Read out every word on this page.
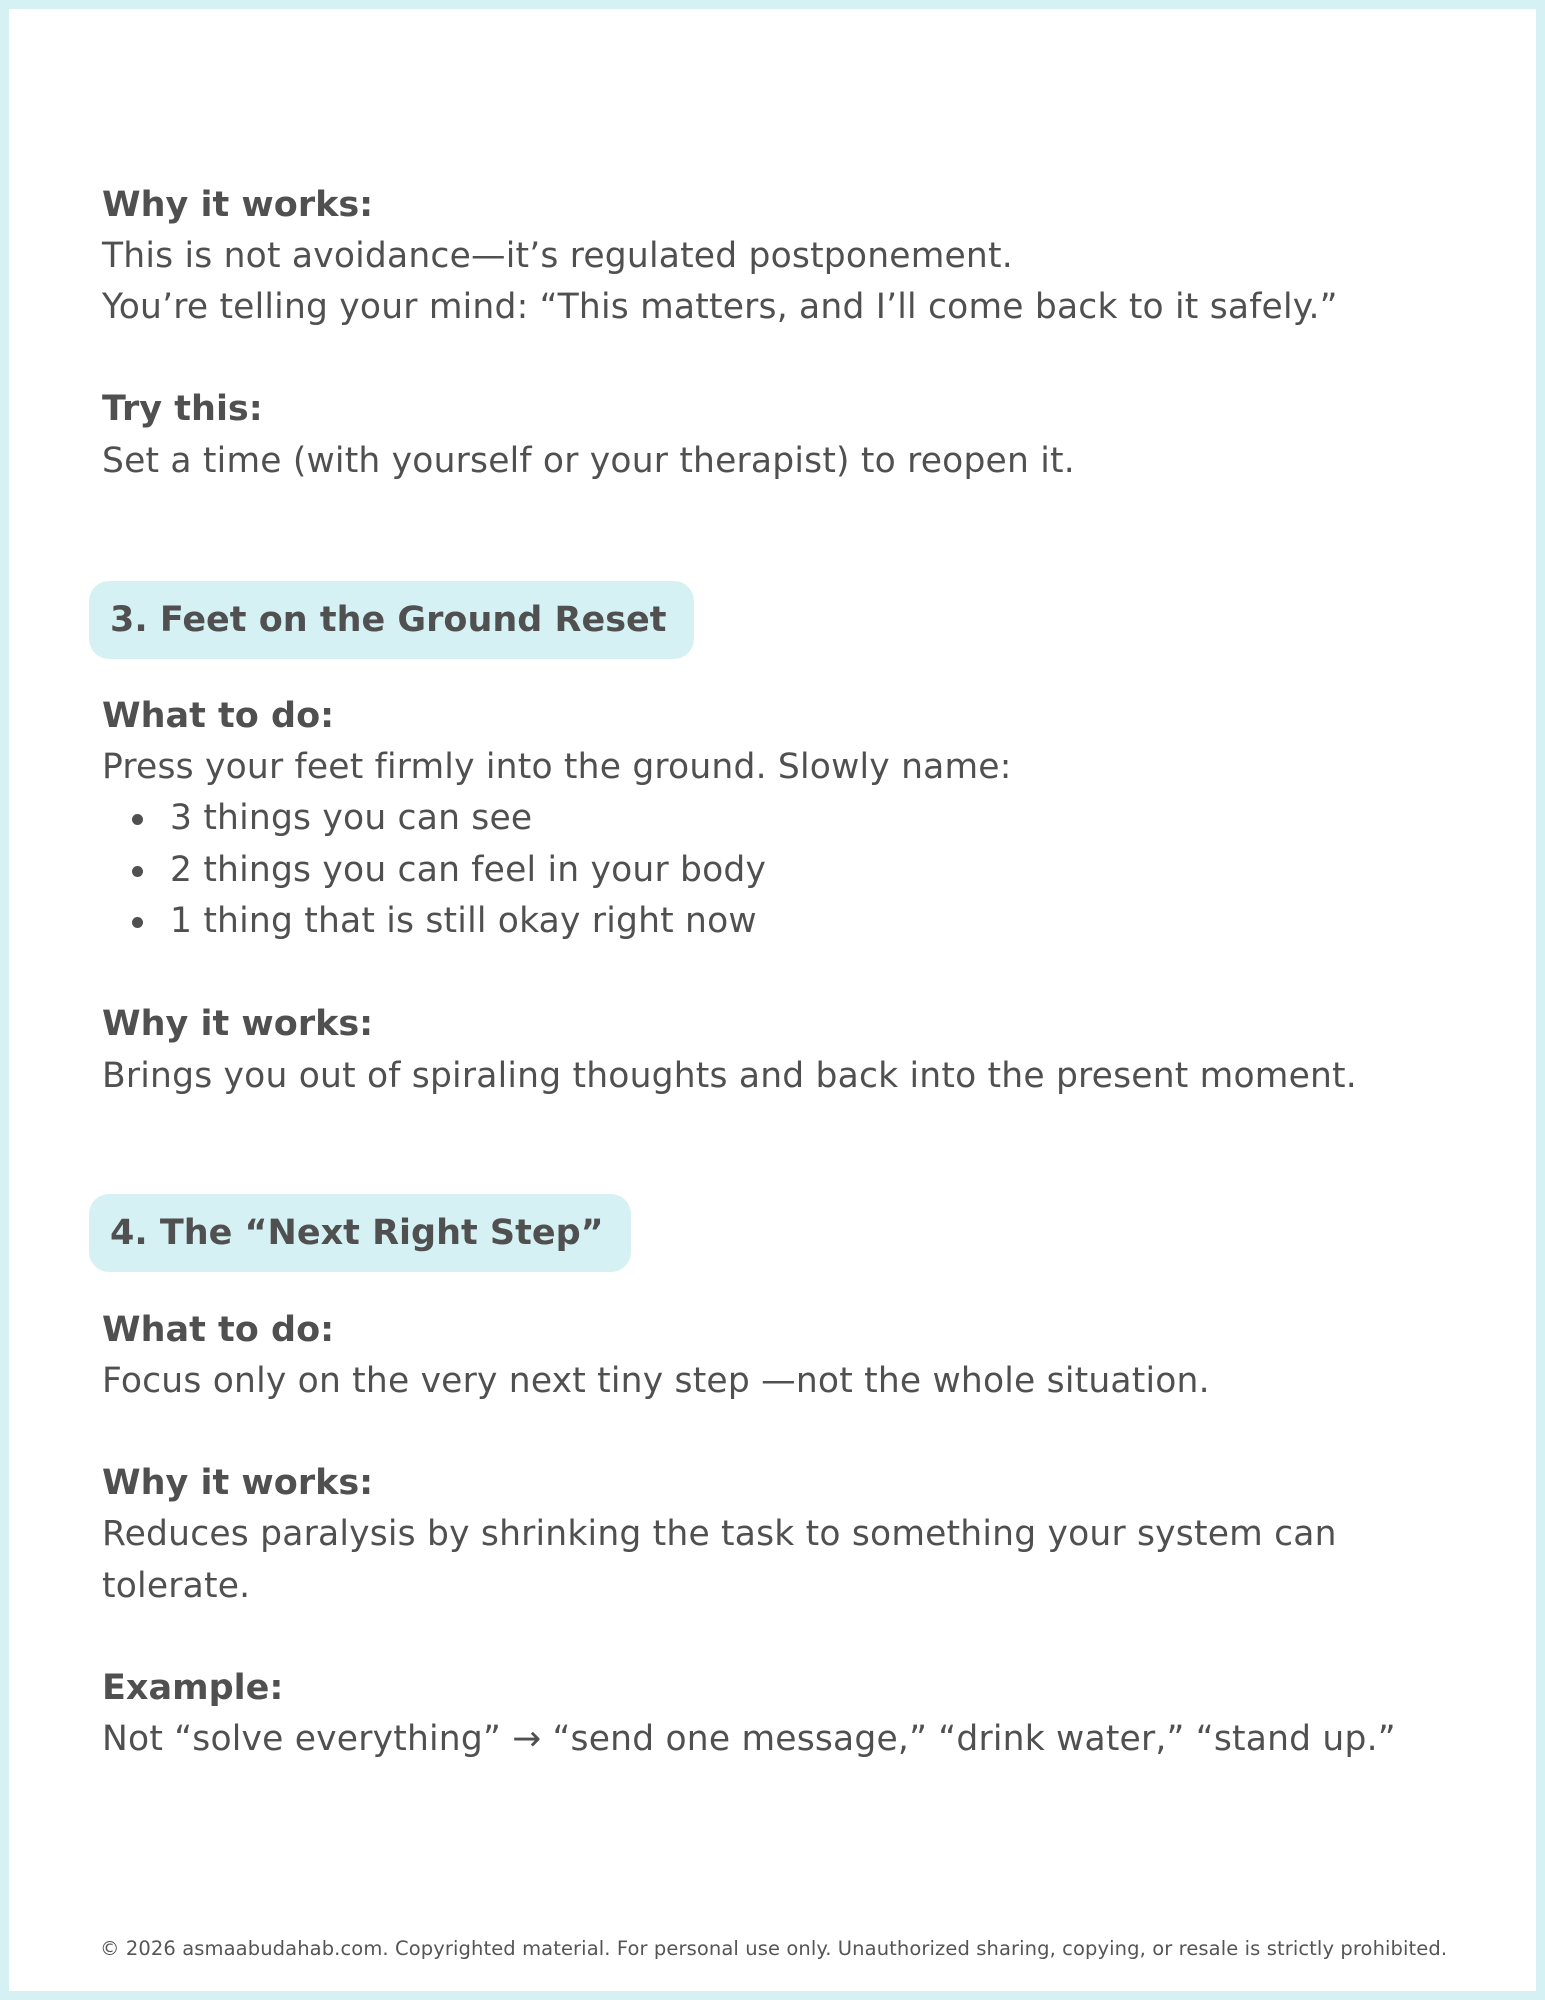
Why it works:
This is not avoidance—it’s regulated postponement.
You’re telling your mind: “This matters, and I’ll come back to it safely.”
Try this:
Set a time (with yourself or your therapist) to reopen it.
3. Feet on the Ground Reset
What to do:
Press your feet firmly into the ground. Slowly name:
3 things you can see
2 things you can feel in your body
1 thing that is still okay right now
Why it works:
Brings you out of spiraling thoughts and back into the present moment.
4. The “Next Right Step”
What to do:
Focus only on the very next tiny step —not the whole situation.
Why it works:
Reduces paralysis by shrinking the task to something your system can
tolerate.
Example:
Not “solve everything” → “send one message,” “drink water,” “stand up.”
© 2026 asmaabudahab.com. Copyrighted material. For personal use only. Unauthorized sharing, copying, or resale is strictly prohibited.
